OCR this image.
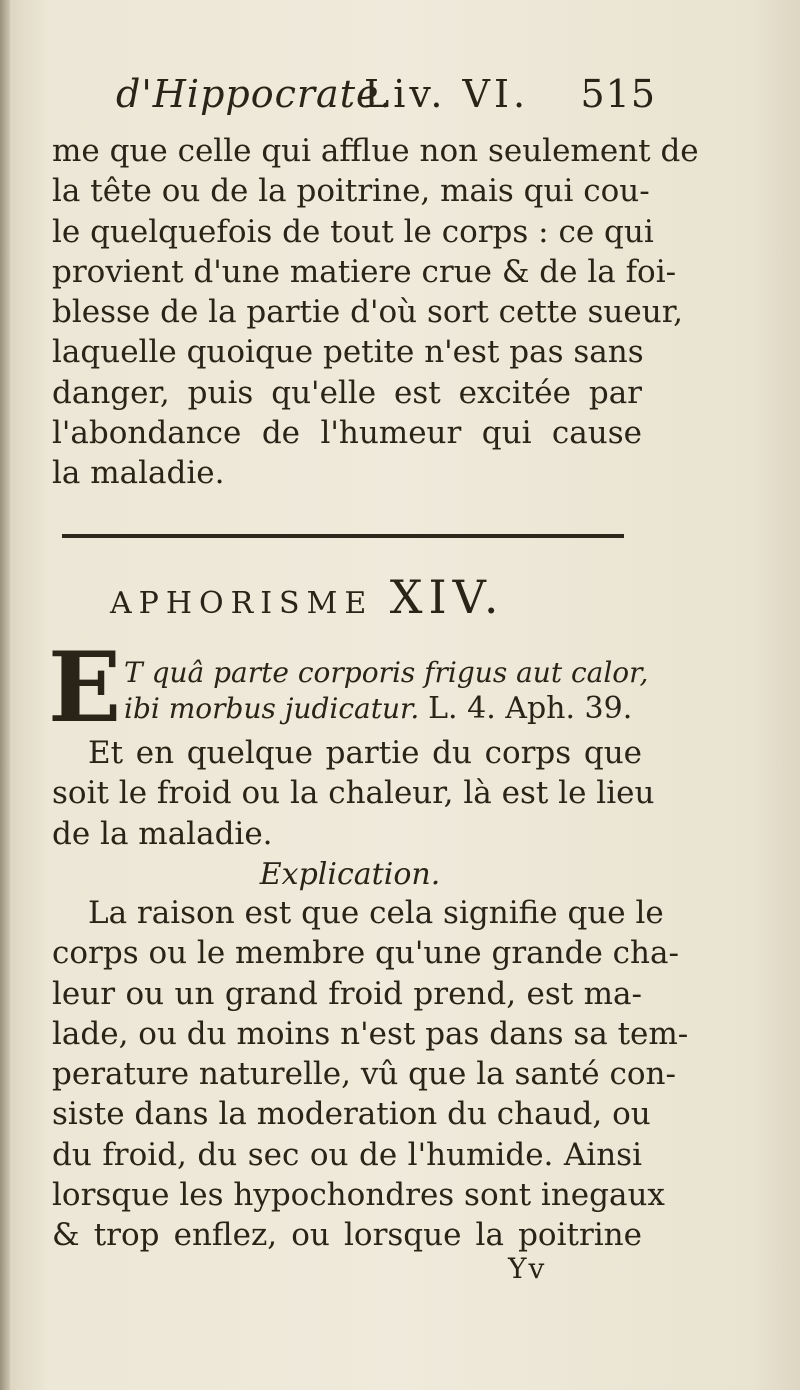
d'Hippocrate.
Liv. VI. 515
me que celle qui afflue non seulement de
la tête ou de la poitrine, mais qui cou-
le quelquefois de tout le corps : ce qui
provient d'une matiere crue & de la foi-
blesse de la partie d'où sort cette sueur,
laquelle quoique petite n'est pas sans
danger, puis qu'elle est excitée par
l'abondance de l'humeur qui cause
la maladie.
APHORISME XIV.
E T quâ parte corporis frigus aut calor,
ibi morbus judicatur. L. 4. Aph. 39.
Et en quelque partie du corps que
soit le froid ou la chaleur, là est le lieu
de la maladie.
Explication.
La raison est que cela signifie que le
corps ou le membre qu'une grande cha-
leur ou un grand froid prend, est ma-
lade, ou du moins n'est pas dans sa tem-
perature naturelle, vû que la santé con-
siste dans la moderation du chaud, ou
du froid, du sec ou de l'humide. Ainsi
lorsque les hypochondres sont inegaux
& trop enflez, ou lorsque la poitrine
Yv
